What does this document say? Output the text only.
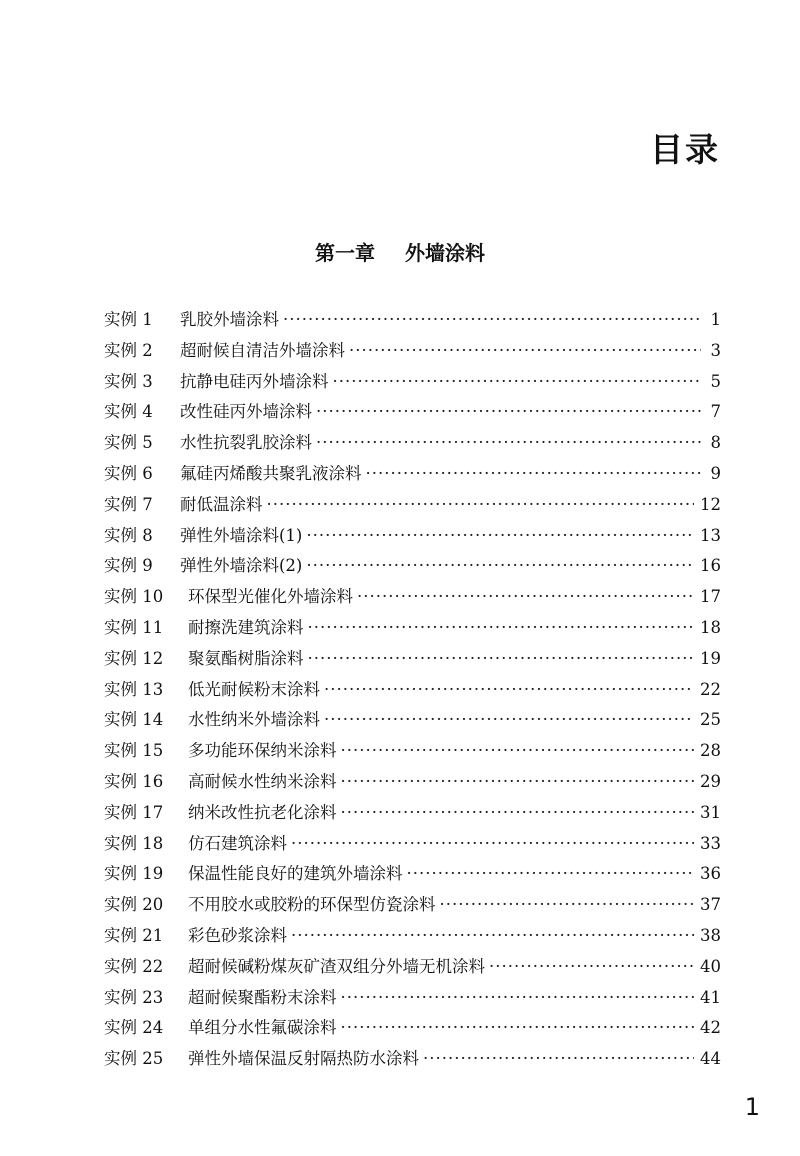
目录
第一章 外墙涂料
实例 1	乳胶外墙涂料 ·····	1
实例 2	超耐候自清洁外墙涂料 ·····	3
实例 3	抗静电硅丙外墙涂料 ·····	5
实例 4	改性硅丙外墙涂料 ·····	7
实例 5	水性抗裂乳胶涂料 ·····	8
实例 6	氟硅丙烯酸共聚乳液涂料 ·····	9
实例 7	耐低温涂料 ·····	12
实例 8	弹性外墙涂料(1) ·····	13
实例 9	弹性外墙涂料(2) ·····	16
实例 10	环保型光催化外墙涂料 ·····	17
实例 11	耐擦洗建筑涂料 ·····	18
实例 12	聚氨酯树脂涂料 ·····	19
实例 13	低光耐候粉末涂料 ·····	22
实例 14	水性纳米外墙涂料 ·····	25
实例 15	多功能环保纳米涂料 ·····	28
实例 16	高耐候水性纳米涂料 ·····	29
实例 17	纳米改性抗老化涂料 ·····	31
实例 18	仿石建筑涂料 ·····	33
实例 19	保温性能良好的建筑外墙涂料 ·····	36
实例 20	不用胶水或胶粉的环保型仿瓷涂料 ·····	37
实例 21	彩色砂浆涂料 ·····	38
实例 22	超耐候碱粉煤灰矿渣双组分外墙无机涂料 ·····	40
实例 23	超耐候聚酯粉末涂料 ·····	41
实例 24	单组分水性氟碳涂料 ·····	42
实例 25	弹性外墙保温反射隔热防水涂料 ·····	44
1
